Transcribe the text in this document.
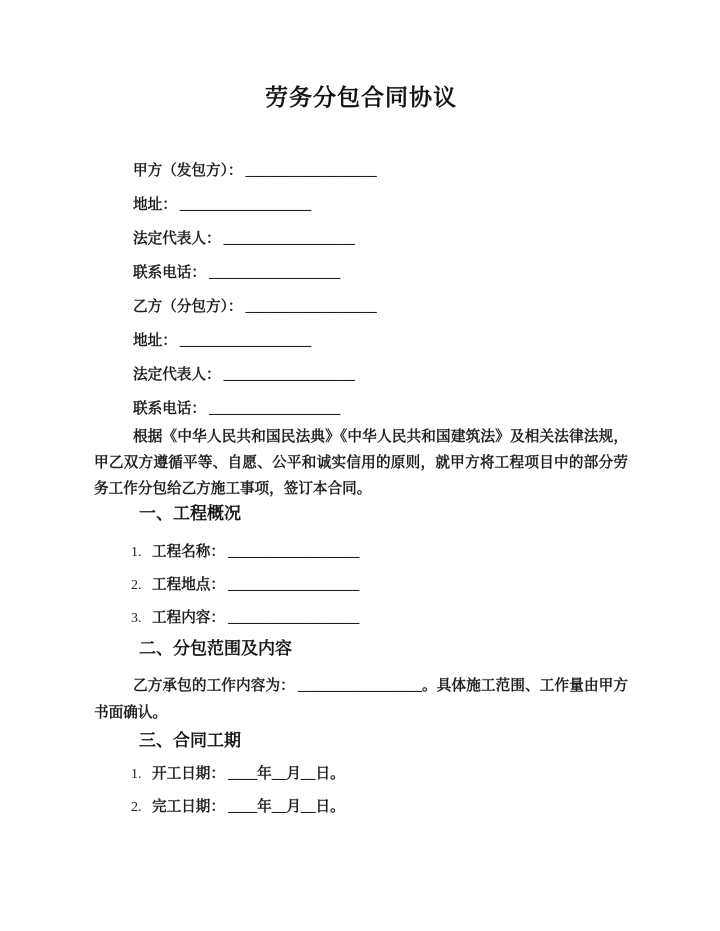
劳务分包合同协议
甲方（发包方）： __________________
地址： __________________
法定代表人： __________________
联系电话： __________________
乙方（分包方）： __________________
地址： __________________
法定代表人： __________________
联系电话： __________________
根据《中华人民共和国民法典》《中华人民共和国建筑法》及相关法律法规，
甲乙双方遵循平等、自愿、公平和诚实信用的原则，就甲方将工程项目中的部分劳
务工作分包给乙方施工事项，签订本合同。
一、工程概况
1. 工程名称： __________________
2. 工程地点： __________________
3. 工程内容： __________________
二、分包范围及内容

乙方承包的工作内容为： _________________。具体施工范围、工作量由甲方书面确认。

三、合同工期
1. 开工日期： ____年__月__日。
2. 完工日期： ____年__月__日。
